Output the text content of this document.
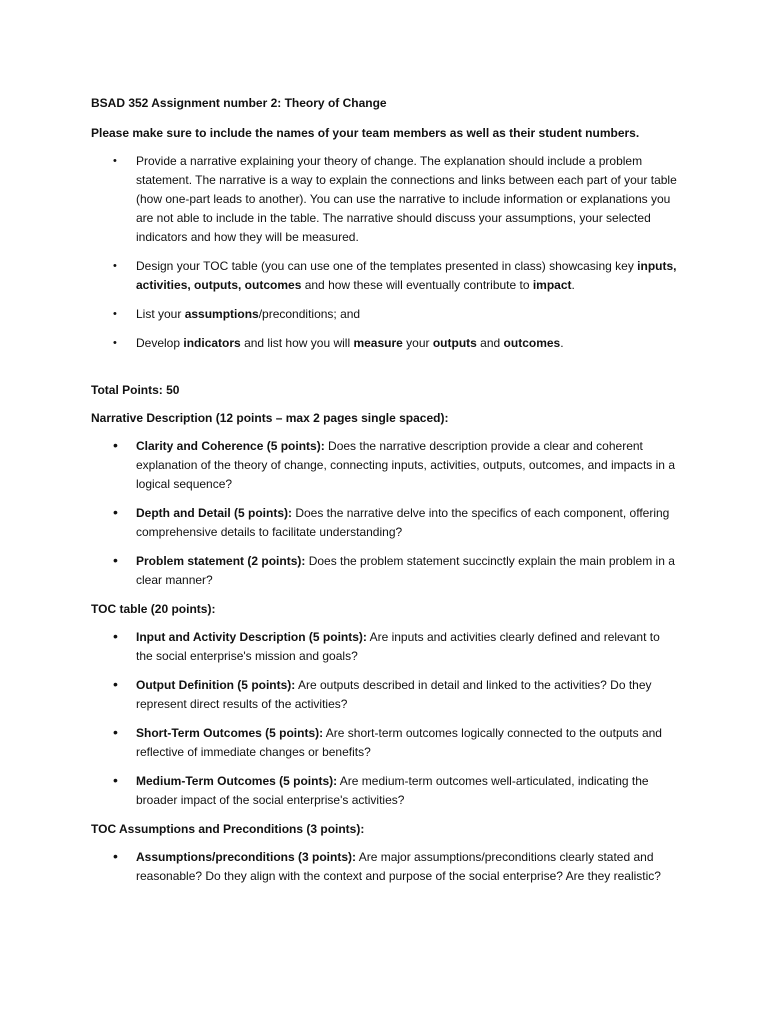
BSAD 352 Assignment number 2: Theory of Change

Please make sure to include the names of your team members as well as their student numbers.

•	Provide a narrative explaining your theory of change. The explanation should include a problem statement. The narrative is a way to explain the connections and links between each part of your table (how one-part leads to another). You can use the narrative to include information or explanations you are not able to include in the table. The narrative should discuss your assumptions, your selected indicators and how they will be measured.
•	Design your TOC table (you can use one of the templates presented in class) showcasing key inputs, activities, outputs, outcomes and how these will eventually contribute to impact.
•	List your assumptions/preconditions; and
•	Develop indicators and list how you will measure your outputs and outcomes.

Total Points: 50

Narrative Description (12 points – max 2 pages single spaced):

•	Clarity and Coherence (5 points): Does the narrative description provide a clear and coherent explanation of the theory of change, connecting inputs, activities, outputs, outcomes, and impacts in a logical sequence?
•	Depth and Detail (5 points): Does the narrative delve into the specifics of each component, offering comprehensive details to facilitate understanding?
•	Problem statement (2 points): Does the problem statement succinctly explain the main problem in a clear manner?

TOC table (20 points):

•	Input and Activity Description (5 points): Are inputs and activities clearly defined and relevant to the social enterprise's mission and goals?
•	Output Definition (5 points): Are outputs described in detail and linked to the activities? Do they represent direct results of the activities?
•	Short-Term Outcomes (5 points): Are short-term outcomes logically connected to the outputs and reflective of immediate changes or benefits?
•	Medium-Term Outcomes (5 points): Are medium-term outcomes well-articulated, indicating the broader impact of the social enterprise's activities?

TOC Assumptions and Preconditions (3 points):

•	Assumptions/preconditions (3 points): Are major assumptions/preconditions clearly stated and reasonable? Do they align with the context and purpose of the social enterprise? Are they realistic?
